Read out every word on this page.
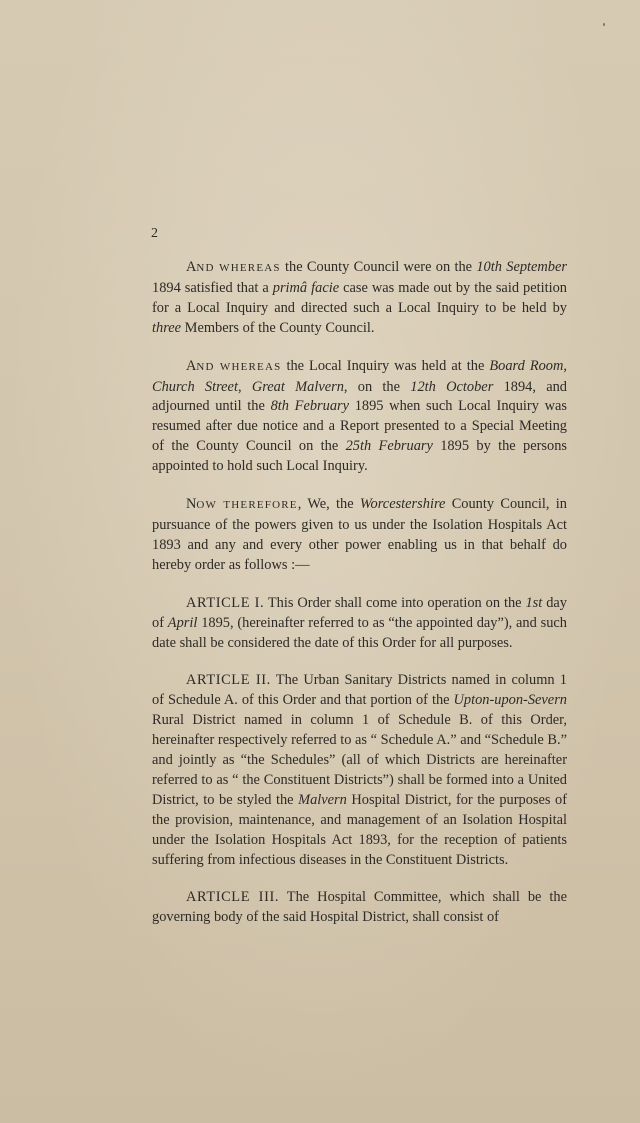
2

AND WHEREAS the County Council were on the 10th September 1894 satisfied that a primâ facie case was made out by the said petition for a Local Inquiry and directed such a Local Inquiry to be held by three Members of the County Council.

AND WHEREAS the Local Inquiry was held at the Board Room, Church Street, Great Malvern, on the 12th October 1894, and adjourned until the 8th February 1895 when such Local Inquiry was resumed after due notice and a Report presented to a Special Meeting of the County Council on the 25th February 1895 by the persons appointed to hold such Local Inquiry.

NOW THEREFORE, We, the Worcestershire County Council, in pursuance of the powers given to us under the Isolation Hospitals Act 1893 and any and every other power enabling us in that behalf do hereby order as follows :—

ARTICLE I. This Order shall come into operation on the 1st day of April 1895, (hereinafter referred to as “the appointed day”), and such date shall be considered the date of this Order for all purposes.

ARTICLE II. The Urban Sanitary Districts named in column 1 of Schedule A. of this Order and that portion of the Upton-upon-Severn Rural District named in column 1 of Schedule B. of this Order, hereinafter respectively referred to as “ Schedule A.” and “Schedule B.” and jointly as “the Schedules” (all of which Districts are hereinafter referred to as “ the Constituent Districts”) shall be formed into a United District, to be styled the Malvern Hospital District, for the purposes of the provision, maintenance, and management of an Isolation Hospital under the Isolation Hospitals Act 1893, for the reception of patients suffering from infectious diseases in the Constituent Districts.

ARTICLE III. The Hospital Committee, which shall be the governing body of the said Hospital District, shall consist of
